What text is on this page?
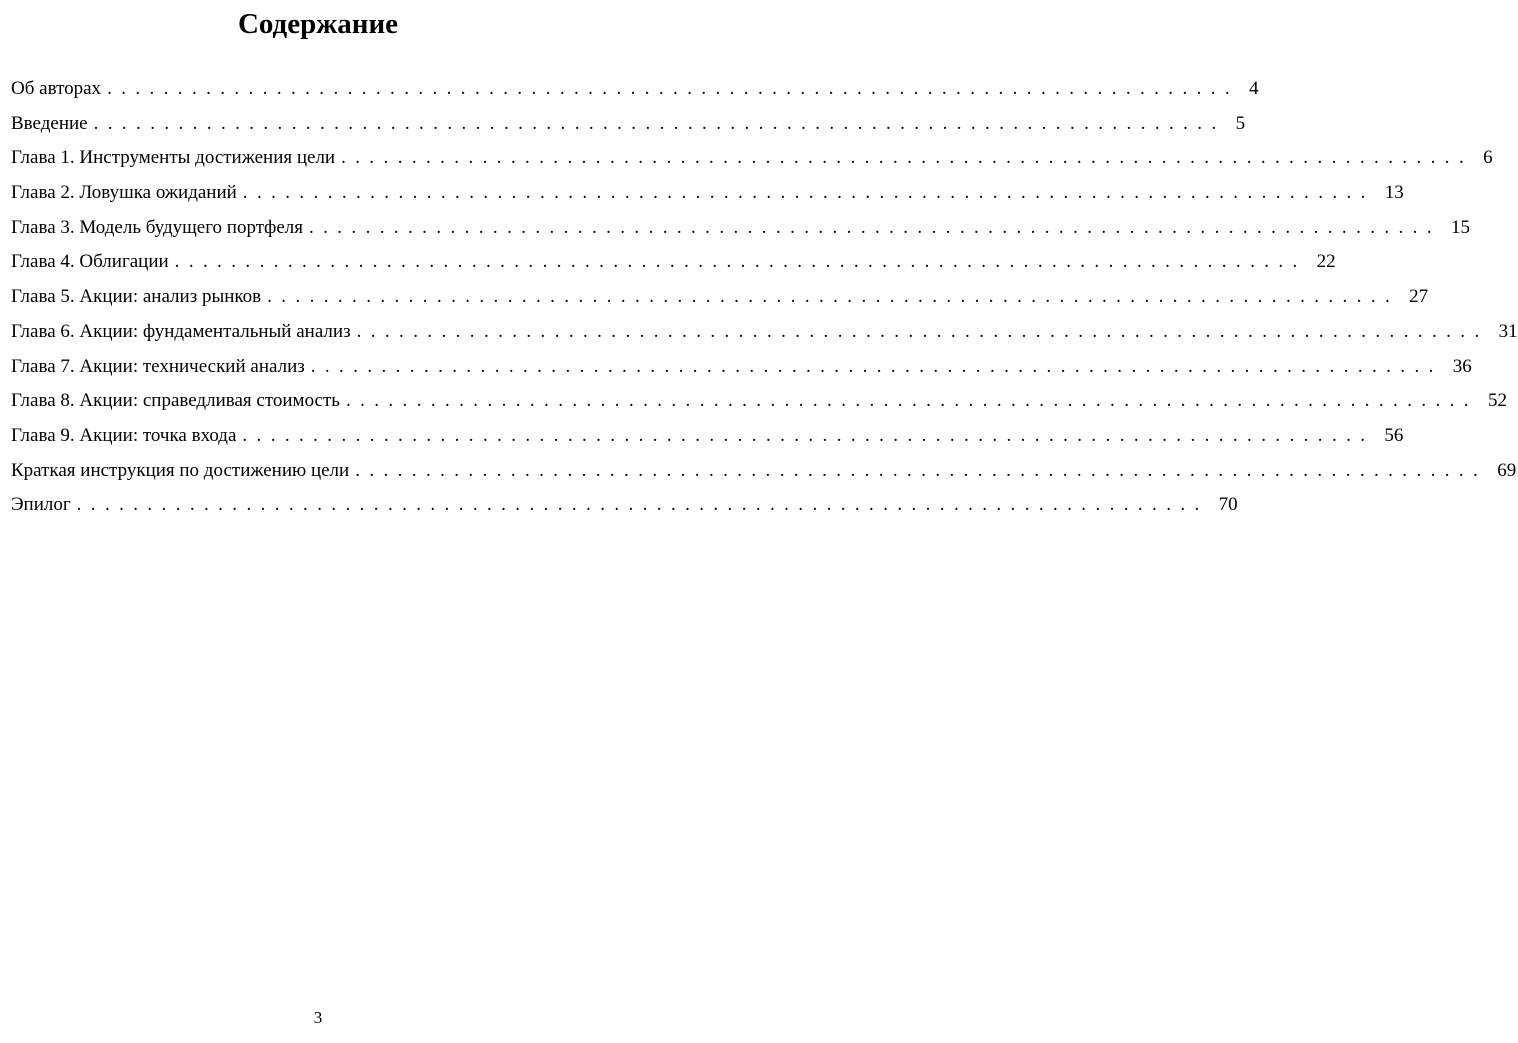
Содержание
Об авторах ................................................................................ 4
Введение ................................................................................ 5
Глава 1. Инструменты достижения цели ................................................................................ 6
Глава 2. Ловушка ожиданий ................................................................................ 13
Глава 3. Модель будущего портфеля ................................................................................ 15
Глава 4. Облигации ................................................................................ 22
Глава 5. Акции: анализ рынков ................................................................................ 27
Глава 6. Акции: фундаментальный анализ ................................................................................ 31
Глава 7. Акции: технический анализ ................................................................................ 36
Глава 8. Акции: справедливая стоимость ................................................................................ 52
Глава 9. Акции: точка входа ................................................................................ 56
Краткая инструкция по достижению цели ................................................................................ 69
Эпилог ................................................................................ 70
3
